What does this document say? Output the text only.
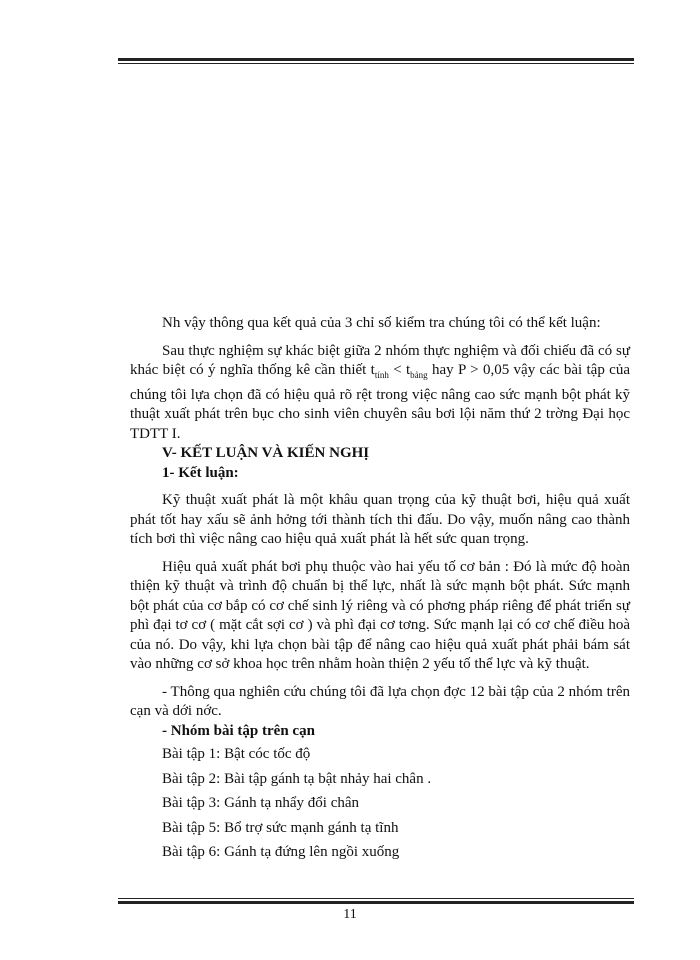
Nh vậy thông qua kết quả của 3 chỉ số kiểm tra chúng tôi có thể kết luận:

Sau thực nghiệm sự khác biệt giữa 2 nhóm thực nghiệm và đối chiếu đã có sự khác biệt có ý nghĩa thống kê cần thiết $t_{tính} < t_{bảng}$ hay P > 0,05 vậy các bài tập của chúng tôi lựa chọn đã có hiệu quả rõ rệt trong việc nâng cao sức mạnh bột phát kỹ thuật xuất phát trên bục cho sinh viên chuyên sâu bơi lội năm thứ 2 trờng Đại học TDTT I.

V- KẾT LUẬN VÀ KIẾN NGHỊ

1- Kết luận:

Kỹ thuật xuất phát là một khâu quan trọng của kỹ thuật bơi, hiệu quả xuất phát tốt hay xấu sẽ ảnh hởng tới thành tích thi đấu. Do vậy, muốn nâng cao thành tích bơi thì việc nâng cao hiệu quả xuất phát là hết sức quan trọng.

Hiệu quả xuất phát bơi phụ thuộc vào hai yếu tố cơ bản : Đó là mức độ hoàn thiện kỹ thuật và trình độ chuẩn bị thể lực, nhất là sức mạnh bột phát. Sức mạnh bột phát của cơ bắp có cơ chế sinh lý riêng và có phơng pháp riêng để phát triển sự phì đại tơ cơ ( mặt cắt sợi cơ ) và phì đại cơ tơng. Sức mạnh lại có cơ chế điều hoà của nó. Do vậy, khi lựa chọn bài tập để nâng cao hiệu quả xuất phát phải bám sát vào những cơ sở khoa học trên nhằm hoàn thiện 2 yếu tố thể lực và kỹ thuật.

- Thông qua nghiên cứu chúng tôi đã lựa chọn đợc 12 bài tập của 2 nhóm trên cạn và dới nớc.

- Nhóm bài tập trên cạn

Bài tập 1: Bật cóc tốc độ

Bài tập 2: Bài tập gánh tạ bật nhảy hai chân .

Bài tập 3: Gánh tạ nhẩy đổi chân

Bài tập 5: Bổ trợ sức mạnh gánh tạ tĩnh

Bài tập 6: Gánh tạ đứng lên ngồi xuống

11
